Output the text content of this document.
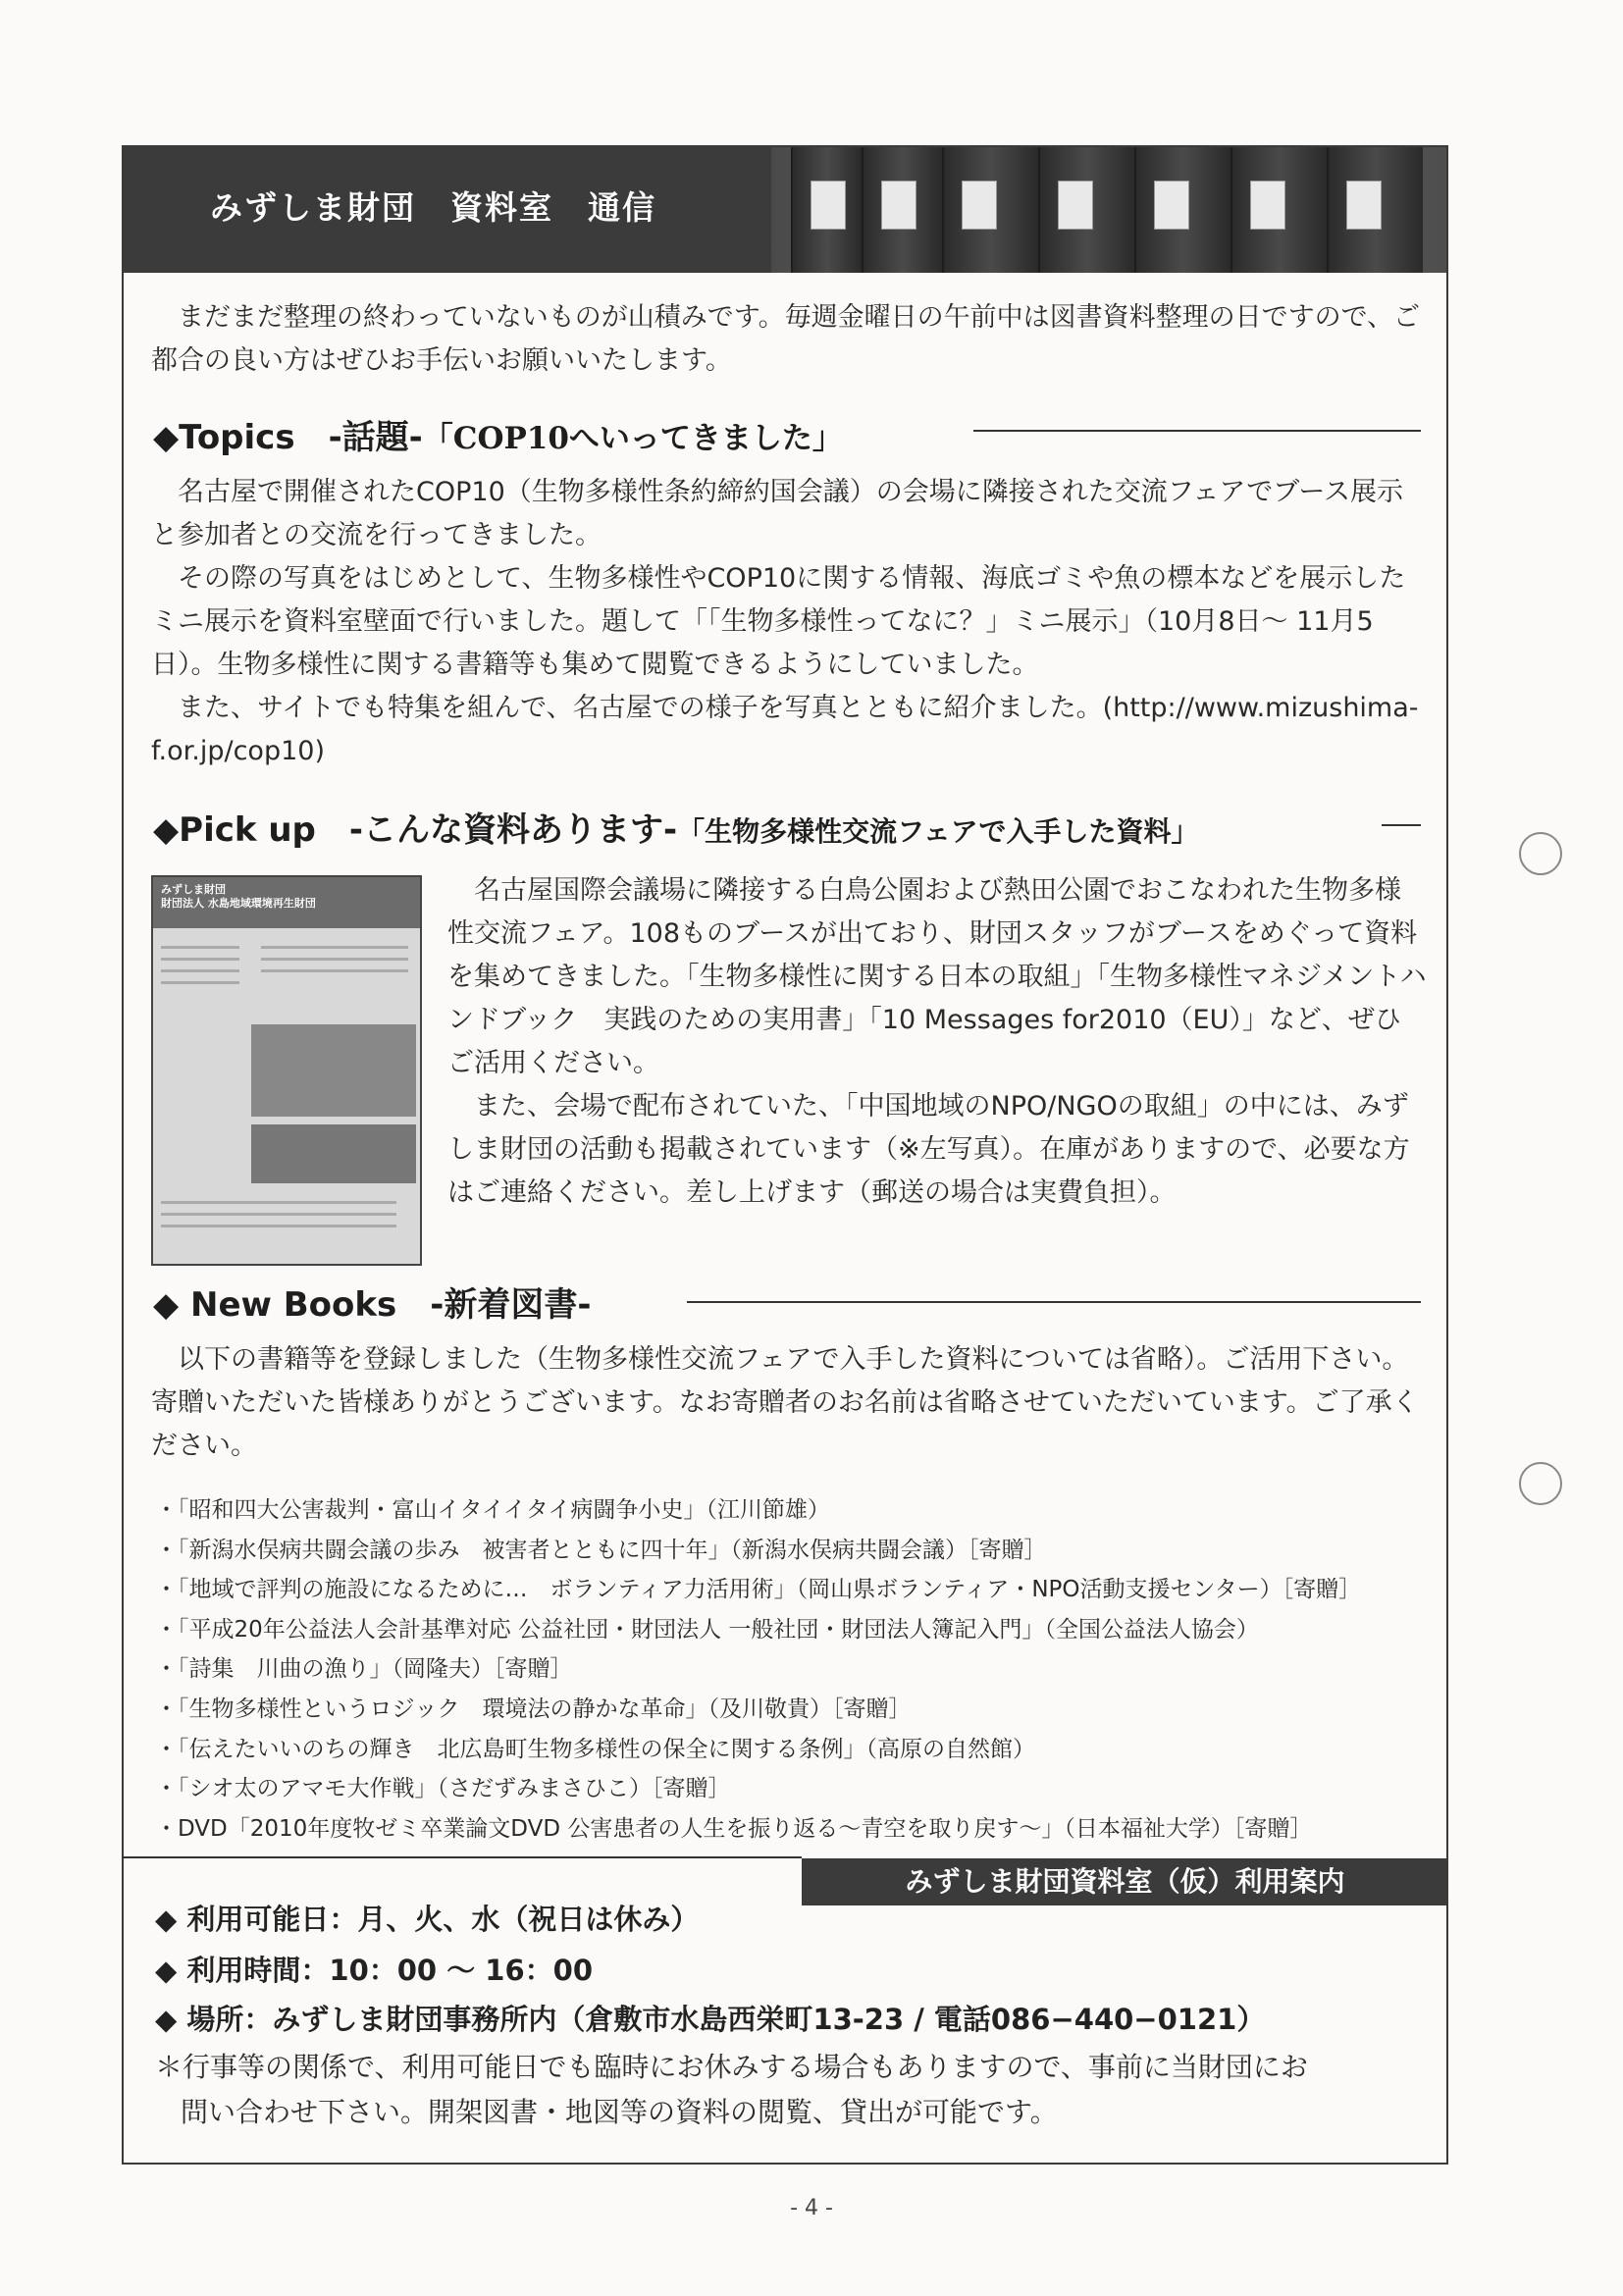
みずしま財団　資料室　通信

まだまだ整理の終わっていないものが山積みです。毎週金曜日の午前中は図書資料整理の日ですので、ご都合の良い方はぜひお手伝いお願いいたします。

◆Topics　-話題-「COP10へいってきました」

名古屋で開催されたCOP10（生物多様性条約締約国会議）の会場に隣接された交流フェアでブース展示と参加者との交流を行ってきました。

その際の写真をはじめとして、生物多様性やCOP10に関する情報、海底ゴミや魚の標本などを展示したミニ展示を資料室壁面で行いました。題して「「生物多様性ってなに？」ミニ展示」（10月8日〜 11月5日）。生物多様性に関する書籍等も集めて閲覧できるようにしていました。

また、サイトでも特集を組んで、名古屋での様子を写真とともに紹介ました。(http://www.mizushima-f.or.jp/cop10)

◆Pick up　-こんな資料あります-「生物多様性交流フェアで入手した資料」
みずしま財団
財団法人 水島地域環境再生財団	名古屋国際会議場に隣接する白鳥公園および熱田公園でおこなわれた生物多様性交流フェア。108ものブースが出ており、財団スタッフがブースをめぐって資料を集めてきました。「生物多様性に関する日本の取組」「生物多様性マネジメントハンドブック　実践のための実用書」「10 Messages for2010（EU）」など、ぜひご活用ください。

また、会場で配布されていた、「中国地域のNPO/NGOの取組」の中には、みずしま財団の活動も掲載されています（※左写真）。在庫がありますので、必要な方はご連絡ください。差し上げます（郵送の場合は実費負担）。

◆ New Books　-新着図書-

以下の書籍等を登録しました（生物多様性交流フェアで入手した資料については省略）。ご活用下さい。寄贈いただいた皆様ありがとうございます。なお寄贈者のお名前は省略させていただいています。ご了承ください。

・「昭和四大公害裁判・富山イタイイタイ病闘争小史」（江川節雄）
・「新潟水俣病共闘会議の歩み　被害者とともに四十年」（新潟水俣病共闘会議）［寄贈］
・「地域で評判の施設になるために…　ボランティア力活用術」（岡山県ボランティア・NPO活動支援センター）［寄贈］
・「平成20年公益法人会計基準対応 公益社団・財団法人 一般社団・財団法人簿記入門」（全国公益法人協会）
・「詩集　川曲の漁り」（岡隆夫）［寄贈］
・「生物多様性というロジック　環境法の静かな革命」（及川敬貴）［寄贈］
・「伝えたいいのちの輝き　北広島町生物多様性の保全に関する条例」（高原の自然館）
・「シオ太のアマモ大作戦」（さだずみまさひこ）［寄贈］
・DVD「2010年度牧ゼミ卒業論文DVD 公害患者の人生を振り返る〜青空を取り戻す〜」（日本福祉大学）［寄贈］
みずしま財団資料室（仮）利用案内
◆ 利用可能日：月、火、水（祝日は休み）
◆ 利用時間：10：00 〜 16：00
◆ 場所：みずしま財団事務所内（倉敷市水島西栄町13-23 / 電話086−440−0121）
＊行事等の関係で、利用可能日でも臨時にお休みする場合もありますので、事前に当財団にお
問い合わせ下さい。開架図書・地図等の資料の閲覧、貸出が可能です。
- 4 -
